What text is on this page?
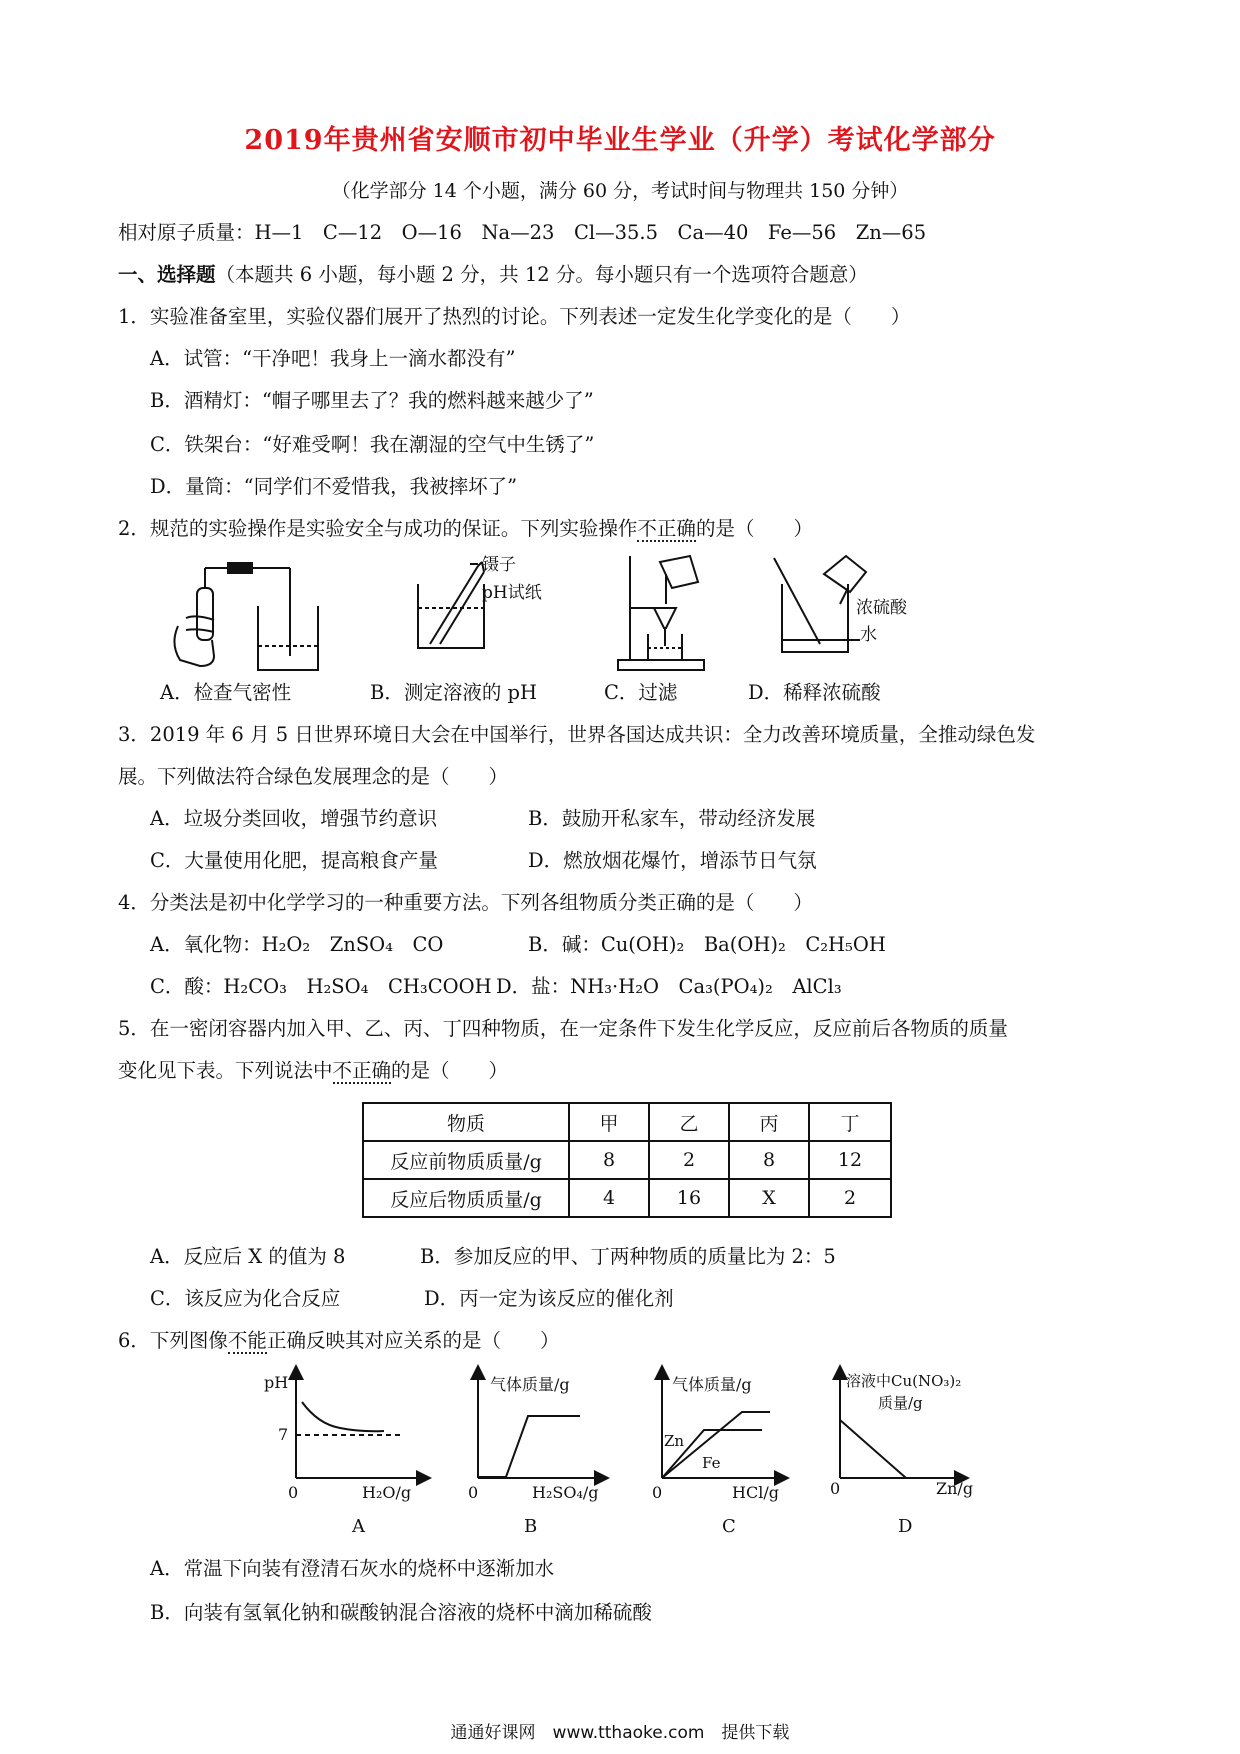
2019年贵州省安顺市初中毕业生学业（升学）考试化学部分
（化学部分 14 个小题，满分 60 分，考试时间与物理共 150 分钟）
相对原子质量：H—1　C—12　O—16　Na—23　Cl—35.5　Ca—40　Fe—56　Zn—65
一、选择题（本题共 6 小题，每小题 2 分，共 12 分。每小题只有一个选项符合题意）
1．实验准备室里，实验仪器们展开了热烈的讨论。下列表述一定发生化学变化的是（　　）
A．试管：“干净吧！我身上一滴水都没有”
B．酒精灯：“帽子哪里去了？我的燃料越来越少了”
C．铁架台：“好难受啊！我在潮湿的空气中生锈了”
D．量筒：“同学们不爱惜我，我被摔坏了”
2．规范的实验操作是实验安全与成功的保证。下列实验操作不正确的是（　　）
镊子
pH试纸
浓硫酸
水
A．检查气密性	B．测定溶液的 pH	C．过滤	D．稀释浓硫酸
3．2019 年 6 月 5 日世界环境日大会在中国举行，世界各国达成共识：全力改善环境质量，全推动绿色发
展。下列做法符合绿色发展理念的是（　　）
A．垃圾分类回收，增强节约意识	B．鼓励开私家车，带动经济发展
C．大量使用化肥，提高粮食产量	D．燃放烟花爆竹，增添节日气氛
4．分类法是初中化学学习的一种重要方法。下列各组物质分类正确的是（　　）
A．氧化物：H₂O₂　ZnSO₄　CO	B．碱：Cu(OH)₂　Ba(OH)₂　C₂H₅OH
C．酸：H₂CO₃　H₂SO₄　CH₃COOH D．盐：NH₃·H₂O　Ca₃(PO₄)₂　AlCl₃
5．在一密闭容器内加入甲、乙、丙、丁四种物质，在一定条件下发生化学反应，反应前后各物质的质量
变化见下表。下列说法中不正确的是（　　）
物质	甲	乙	丙	丁
反应前物质质量/g	8	2	8	12
反应后物质质量/g	4	16	X	2
A．反应后 X 的值为 8	B．参加反应的甲、丁两种物质的质量比为 2：5
C．该反应为化合反应	D．丙一定为该反应的催化剂
6．下列图像不能正确反映其对应关系的是（　　）
pH
7
0	H₂O/g
A
气体质量/g
0	H₂SO₄/g
B
气体质量/g
Zn
Fe
0	HCl/g
C
溶液中Cu(NO₃)₂
质量/g
0	Zn/g
D
A．常温下向装有澄清石灰水的烧杯中逐渐加水
B．向装有氢氧化钠和碳酸钠混合溶液的烧杯中滴加稀硫酸
通通好课网　www.tthaoke.com　提供下载
